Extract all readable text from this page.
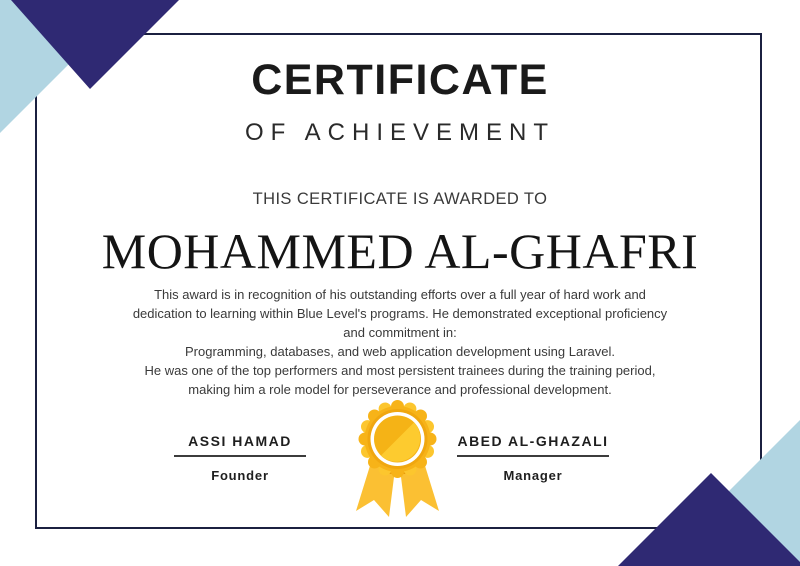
CERTIFICATE
OF ACHIEVEMENT
THIS CERTIFICATE IS AWARDED TO
MOHAMMED AL-GHAFRI
This award is in recognition of his outstanding efforts over a full year of hard work and
dedication to learning within Blue Level's programs. He demonstrated exceptional proficiency
and commitment in:
Programming, databases, and web application development using Laravel.
He was one of the top performers and most persistent trainees during the training period,
making him a role model for perseverance and professional development.
ASSI HAMAD
Founder
ABED AL-GHAZALI
Manager
